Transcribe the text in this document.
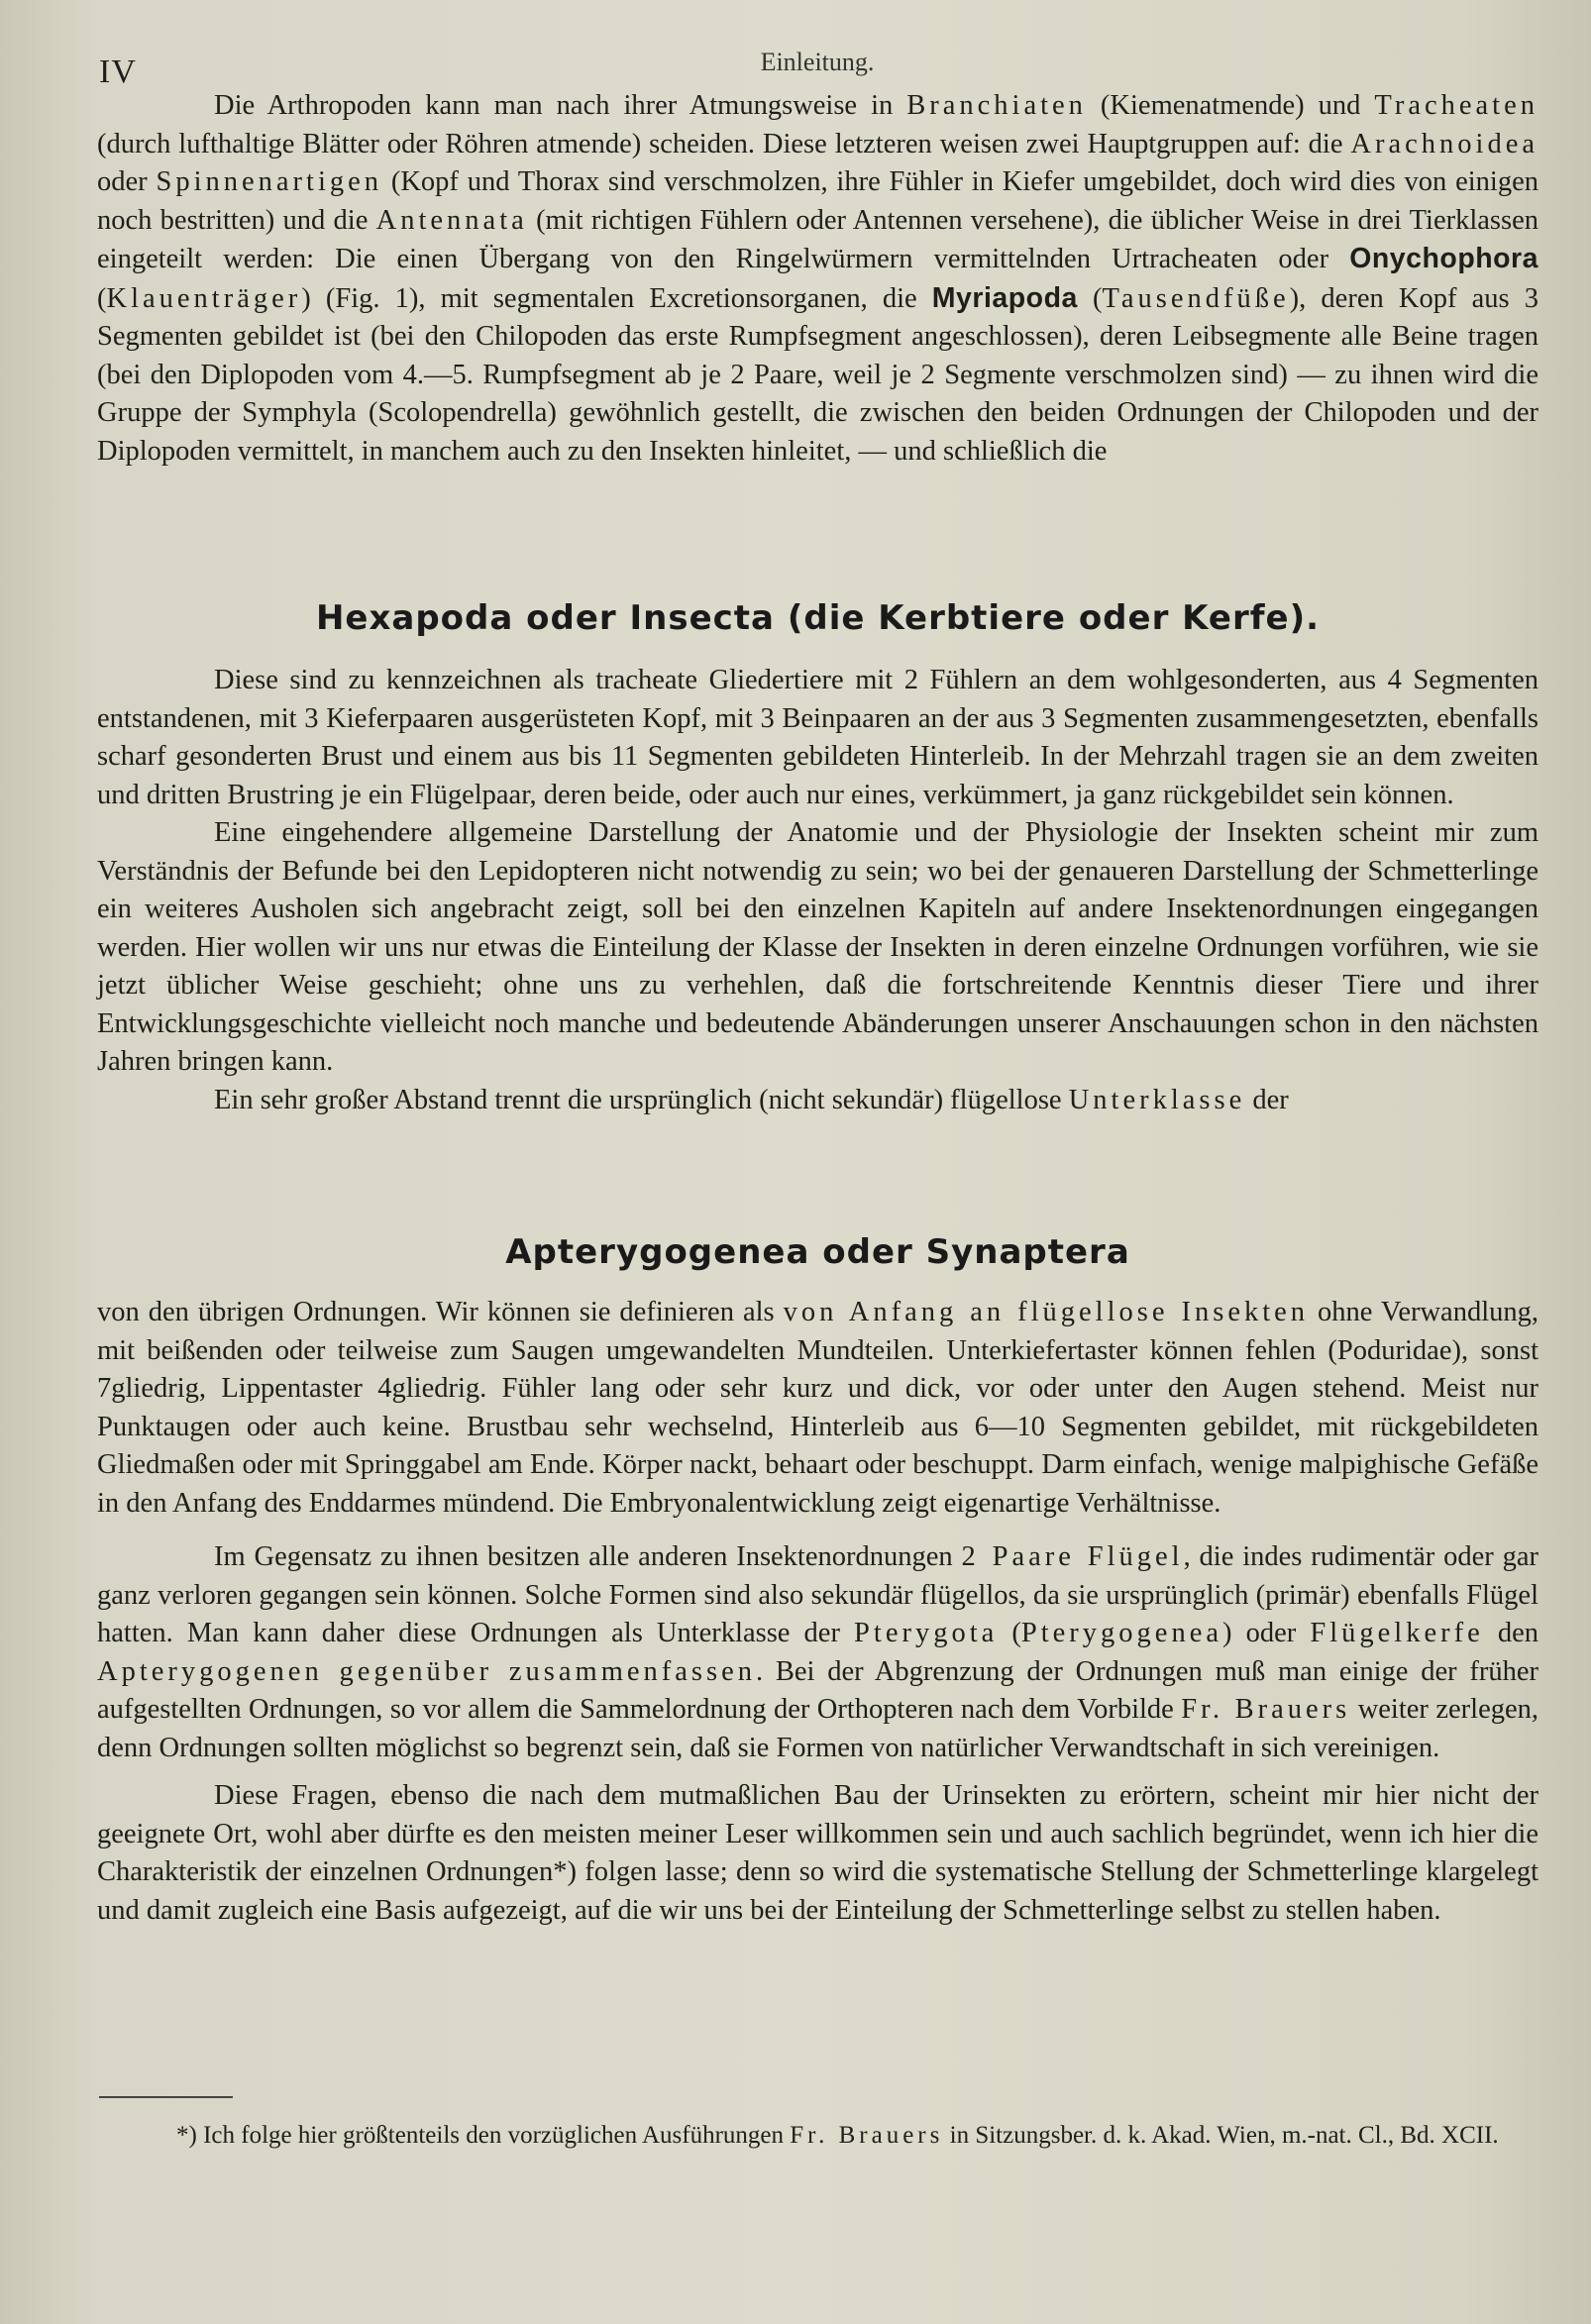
IV	Einleitung.

Die Arthropoden kann man nach ihrer Atmungsweise in Branchiaten (Kiemenatmende) und Tracheaten (durch lufthaltige Blätter oder Röhren atmende) scheiden. Diese letzteren weisen zwei Hauptgruppen auf: die Arachnoidea oder Spinnenartigen (Kopf und Thorax sind verschmolzen, ihre Fühler in Kiefer umgebildet, doch wird dies von einigen noch bestritten) und die Antennata (mit richtigen Fühlern oder Antennen versehene), die üblicher Weise in drei Tierklassen eingeteilt werden: Die einen Übergang von den Ringelwürmern vermittelnden Urtracheaten oder Onychophora (Klauenträger) (Fig. 1), mit segmentalen Excretionsorganen, die Myriapoda (Tausendfüße), deren Kopf aus 3 Segmenten gebildet ist (bei den Chilopoden das erste Rumpfsegment angeschlossen), deren Leibsegmente alle Beine tragen (bei den Diplopoden vom 4.—5. Rumpfsegment ab je 2 Paare, weil je 2 Segmente verschmolzen sind) — zu ihnen wird die Gruppe der Symphyla (Scolopendrella) gewöhnlich gestellt, die zwischen den beiden Ordnungen der Chilopoden und der Diplopoden vermittelt, in manchem auch zu den Insekten hinleitet, — und schließlich die

Hexapoda oder Insecta (die Kerbtiere oder Kerfe).

Diese sind zu kennzeichnen als tracheate Gliedertiere mit 2 Fühlern an dem wohlgesonderten, aus 4 Segmenten entstandenen, mit 3 Kieferpaaren ausgerüsteten Kopf, mit 3 Beinpaaren an der aus 3 Segmenten zusammengesetzten, ebenfalls scharf gesonderten Brust und einem aus bis 11 Segmenten gebildeten Hinterleib. In der Mehrzahl tragen sie an dem zweiten und dritten Brustring je ein Flügelpaar, deren beide, oder auch nur eines, verkümmert, ja ganz rückgebildet sein können.

Eine eingehendere allgemeine Darstellung der Anatomie und der Physiologie der Insekten scheint mir zum Verständnis der Befunde bei den Lepidopteren nicht notwendig zu sein; wo bei der genaueren Darstellung der Schmetterlinge ein weiteres Ausholen sich angebracht zeigt, soll bei den einzelnen Kapiteln auf andere Insektenordnungen eingegangen werden. Hier wollen wir uns nur etwas die Einteilung der Klasse der Insekten in deren einzelne Ordnungen vorführen, wie sie jetzt üblicher Weise geschieht; ohne uns zu verhehlen, daß die fortschreitende Kenntnis dieser Tiere und ihrer Entwicklungsgeschichte vielleicht noch manche und bedeutende Abänderungen unserer Anschauungen schon in den nächsten Jahren bringen kann.

Ein sehr großer Abstand trennt die ursprünglich (nicht sekundär) flügellose Unterklasse der

Apterygogenea oder Synaptera

von den übrigen Ordnungen. Wir können sie definieren als von Anfang an flügellose Insekten ohne Verwandlung, mit beißenden oder teilweise zum Saugen umgewandelten Mundteilen. Unterkiefertaster können fehlen (Poduridae), sonst 7gliedrig, Lippentaster 4gliedrig. Fühler lang oder sehr kurz und dick, vor oder unter den Augen stehend. Meist nur Punktaugen oder auch keine. Brustbau sehr wechselnd, Hinterleib aus 6—10 Segmenten gebildet, mit rückgebildeten Gliedmaßen oder mit Springgabel am Ende. Körper nackt, behaart oder beschuppt. Darm einfach, wenige malpighische Gefäße in den Anfang des Enddarmes mündend. Die Embryonalentwicklung zeigt eigenartige Verhältnisse.

Im Gegensatz zu ihnen besitzen alle anderen Insektenordnungen 2 Paare Flügel, die indes rudimentär oder gar ganz verloren gegangen sein können. Solche Formen sind also sekundär flügellos, da sie ursprünglich (primär) ebenfalls Flügel hatten. Man kann daher diese Ordnungen als Unterklasse der Pterygota (Pterygogenea) oder Flügelkerfe den Apterygogenen gegenüber zusammenfassen. Bei der Abgrenzung der Ordnungen muß man einige der früher aufgestellten Ordnungen, so vor allem die Sammelordnung der Orthopteren nach dem Vorbilde Fr. Brauers weiter zerlegen, denn Ordnungen sollten möglichst so begrenzt sein, daß sie Formen von natürlicher Verwandtschaft in sich vereinigen.

Diese Fragen, ebenso die nach dem mutmaßlichen Bau der Urinsekten zu erörtern, scheint mir hier nicht der geeignete Ort, wohl aber dürfte es den meisten meiner Leser willkommen sein und auch sachlich begründet, wenn ich hier die Charakteristik der einzelnen Ordnungen*) folgen lasse; denn so wird die systematische Stellung der Schmetterlinge klargelegt und damit zugleich eine Basis aufgezeigt, auf die wir uns bei der Einteilung der Schmetterlinge selbst zu stellen haben.

*) Ich folge hier größtenteils den vorzüglichen Ausführungen Fr. Brauers in Sitzungsber. d. k. Akad. Wien, m.-nat. Cl., Bd. XCII.
